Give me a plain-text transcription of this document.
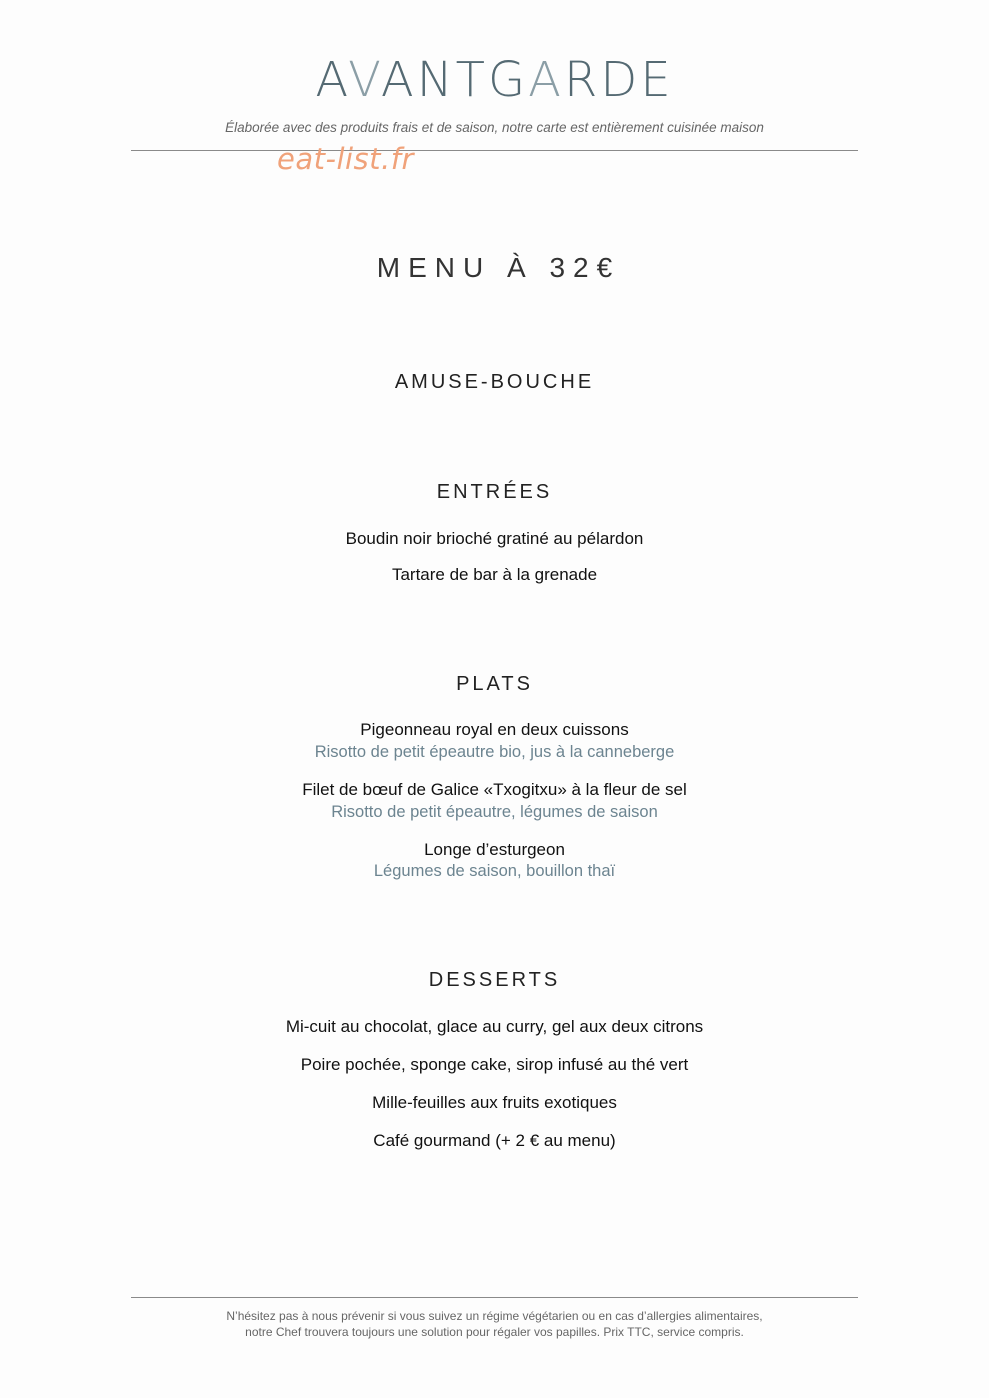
AVANTGARDE
Élaborée avec des produits frais et de saison, notre carte est entièrement cuisinée maison
eat-list.fr
MENU À 32€
AMUSE-BOUCHE
ENTRÉES
Boudin noir brioché gratiné au pélardon
Tartare de bar à la grenade
PLATS
Pigeonneau royal en deux cuissons
Risotto de petit épeautre bio, jus à la canneberge
Filet de bœuf de Galice «Txogitxu» à la fleur de sel
Risotto de petit épeautre, légumes de saison
Longe d’esturgeon
Légumes de saison, bouillon thaï
DESSERTS
Mi-cuit au chocolat, glace au curry, gel aux deux citrons
Poire pochée, sponge cake, sirop infusé au thé vert
Mille-feuilles aux fruits exotiques
Café gourmand (+ 2 € au menu)
N’hésitez pas à nous prévenir si vous suivez un régime végétarien ou en cas d’allergies alimentaires,
notre Chef trouvera toujours une solution pour régaler vos papilles. Prix TTC, service compris.
